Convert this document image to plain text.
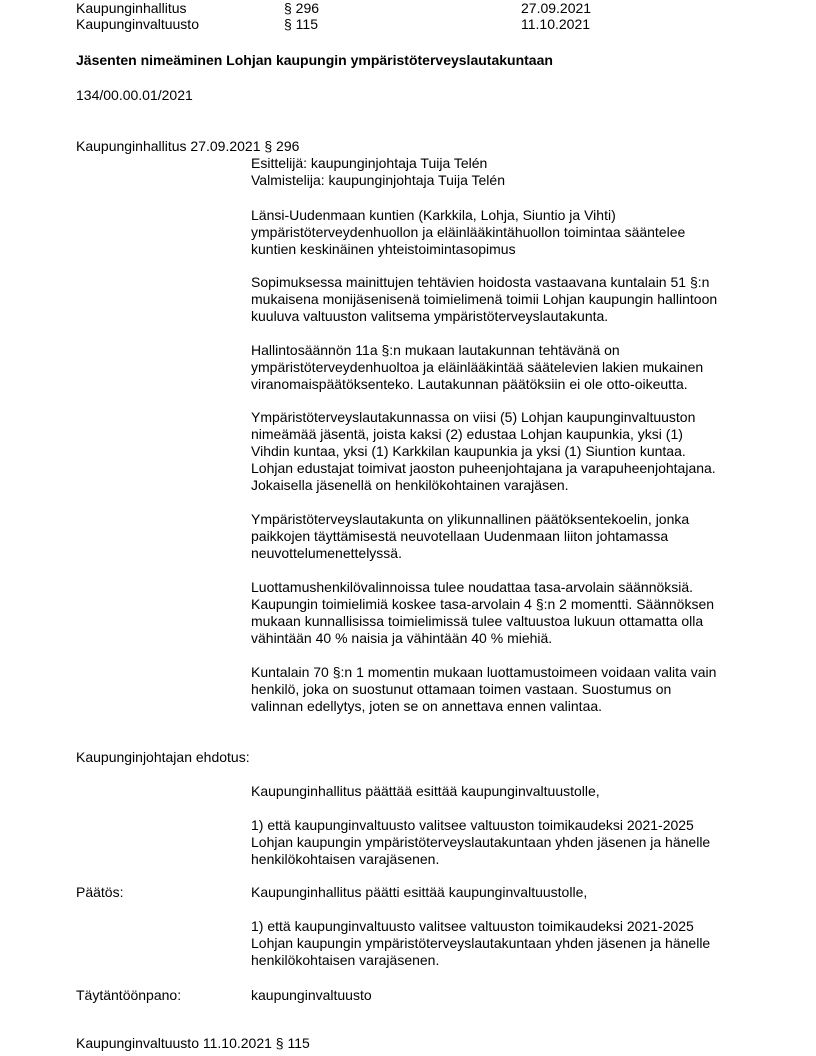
Kaupunginhallitus	§ 296	27.09.2021
Kaupunginvaltuusto	§ 115	11.10.2021
Jäsenten nimeäminen Lohjan kaupungin ympäristöterveyslautakuntaan
134/00.00.01/2021
Kaupunginhallitus 27.09.2021 § 296
Esittelijä: kaupunginjohtaja Tuija Telén
Valmistelija: kaupunginjohtaja Tuija Telén

Länsi-Uudenmaan kuntien (Karkkila, Lohja, Siuntio ja Vihti)

ympäristöterveydenhuollon ja eläinlääkintähuollon toimintaa sääntelee

kuntien keskinäinen yhteistoimintasopimus

Sopimuksessa mainittujen tehtävien hoidosta vastaavana kuntalain 51 §:n

mukaisena monijäsenisenä toimielimenä toimii Lohjan kaupungin hallintoon

kuuluva valtuuston valitsema ympäristöterveyslautakunta.

Hallintosäännön 11a §:n mukaan lautakunnan tehtävänä on

ympäristöterveydenhuoltoa ja eläinlääkintää säätelevien lakien mukainen

viranomaispäätöksenteko. Lautakunnan päätöksiin ei ole otto-oikeutta.

Ympäristöterveyslautakunnassa on viisi (5) Lohjan kaupunginvaltuuston

nimeämää jäsentä, joista kaksi (2) edustaa Lohjan kaupunkia, yksi (1)

Vihdin kuntaa, yksi (1) Karkkilan kaupunkia ja yksi (1) Siuntion kuntaa.

Lohjan edustajat toimivat jaoston puheenjohtajana ja varapuheenjohtajana.

Jokaisella jäsenellä on henkilökohtainen varajäsen.

Ympäristöterveyslautakunta on ylikunnallinen päätöksentekoelin, jonka

paikkojen täyttämisestä neuvotellaan Uudenmaan liiton johtamassa

neuvottelumenettelyssä.

Luottamushenkilövalinnoissa tulee noudattaa tasa-arvolain säännöksiä.

Kaupungin toimielimiä koskee tasa-arvolain 4 §:n 2 momentti. Säännöksen

mukaan kunnallisissa toimielimissä tulee valtuustoa lukuun ottamatta olla

vähintään 40 % naisia ja vähintään 40 % miehiä.

Kuntalain 70 §:n 1 momentin mukaan luottamustoimeen voidaan valita vain

henkilö, joka on suostunut ottamaan toimen vastaan. Suostumus on

valinnan edellytys, joten se on annettava ennen valintaa.

Kaupunginjohtajan ehdotus:
Kaupunginhallitus päättää esittää kaupunginvaltuustolle,

1) että kaupunginvaltuusto valitsee valtuuston toimikaudeksi 2021-2025

Lohjan kaupungin ympäristöterveyslautakuntaan yhden jäsenen ja hänelle

henkilökohtaisen varajäsenen.

Päätös:	Kaupunginhallitus päätti esittää kaupunginvaltuustolle,

1) että kaupunginvaltuusto valitsee valtuuston toimikaudeksi 2021-2025

Lohjan kaupungin ympäristöterveyslautakuntaan yhden jäsenen ja hänelle

henkilökohtaisen varajäsenen.

Täytäntöönpano:	kaupunginvaltuusto
Kaupunginvaltuusto 11.10.2021 § 115
